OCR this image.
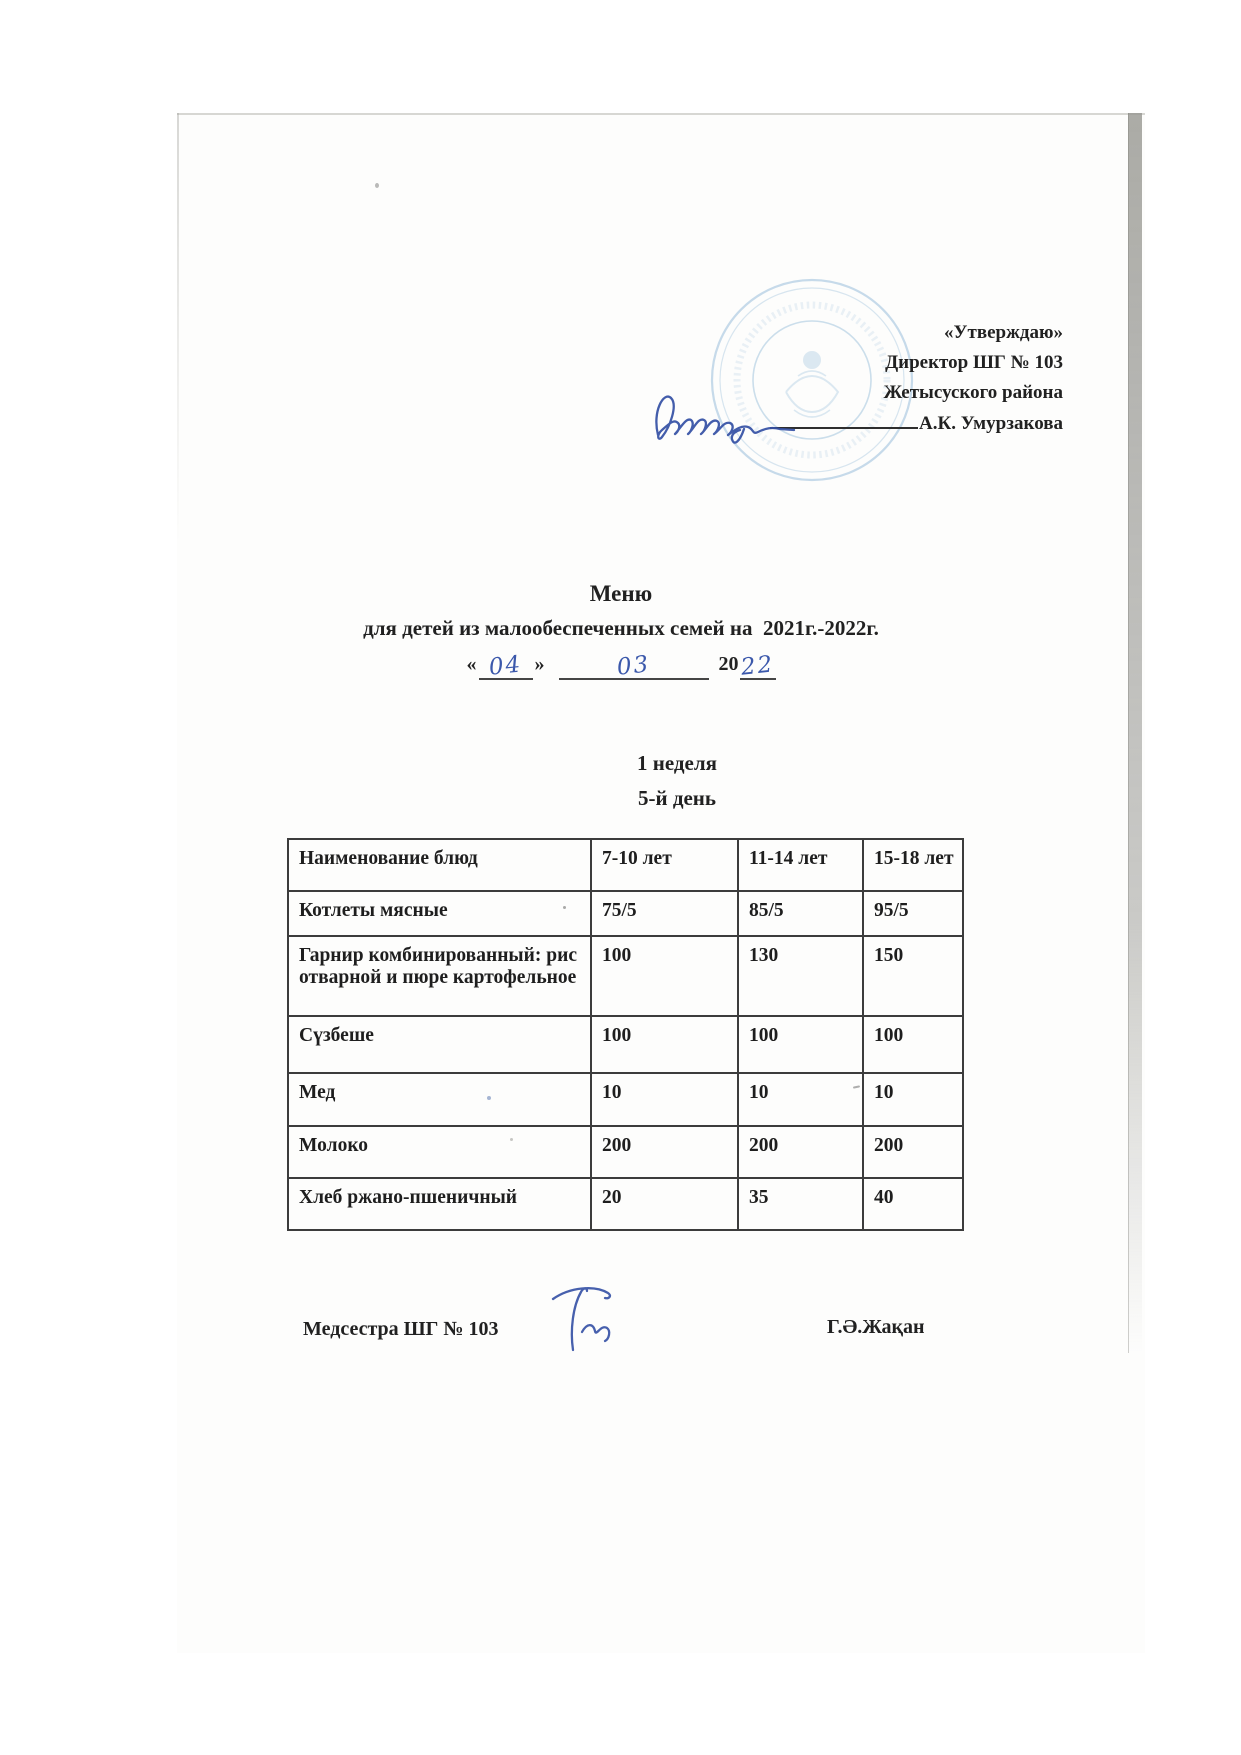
«Утверждаю»
Директор ШГ № 103
Жетысуского района
А.К. Умурзакова
Меню
для детей из малообеспеченных семей на  2021г.-2022г.
« 04 »	03	2022
1 неделя
5-й день
Наименование блюд	7-10 лет	11-14 лет	15-18 лет
Котлеты мясные	75/5	85/5	95/5
Гарнир комбинированный: рис отварной и пюре картофельное	100	130	150
Сүзбеше	100	100	100
Мед	10	10	10
Молоко	200	200	200
Хлеб ржано-пшеничный	20	35	40
Медсестра ШГ № 103	Г.Ә.Жақан
